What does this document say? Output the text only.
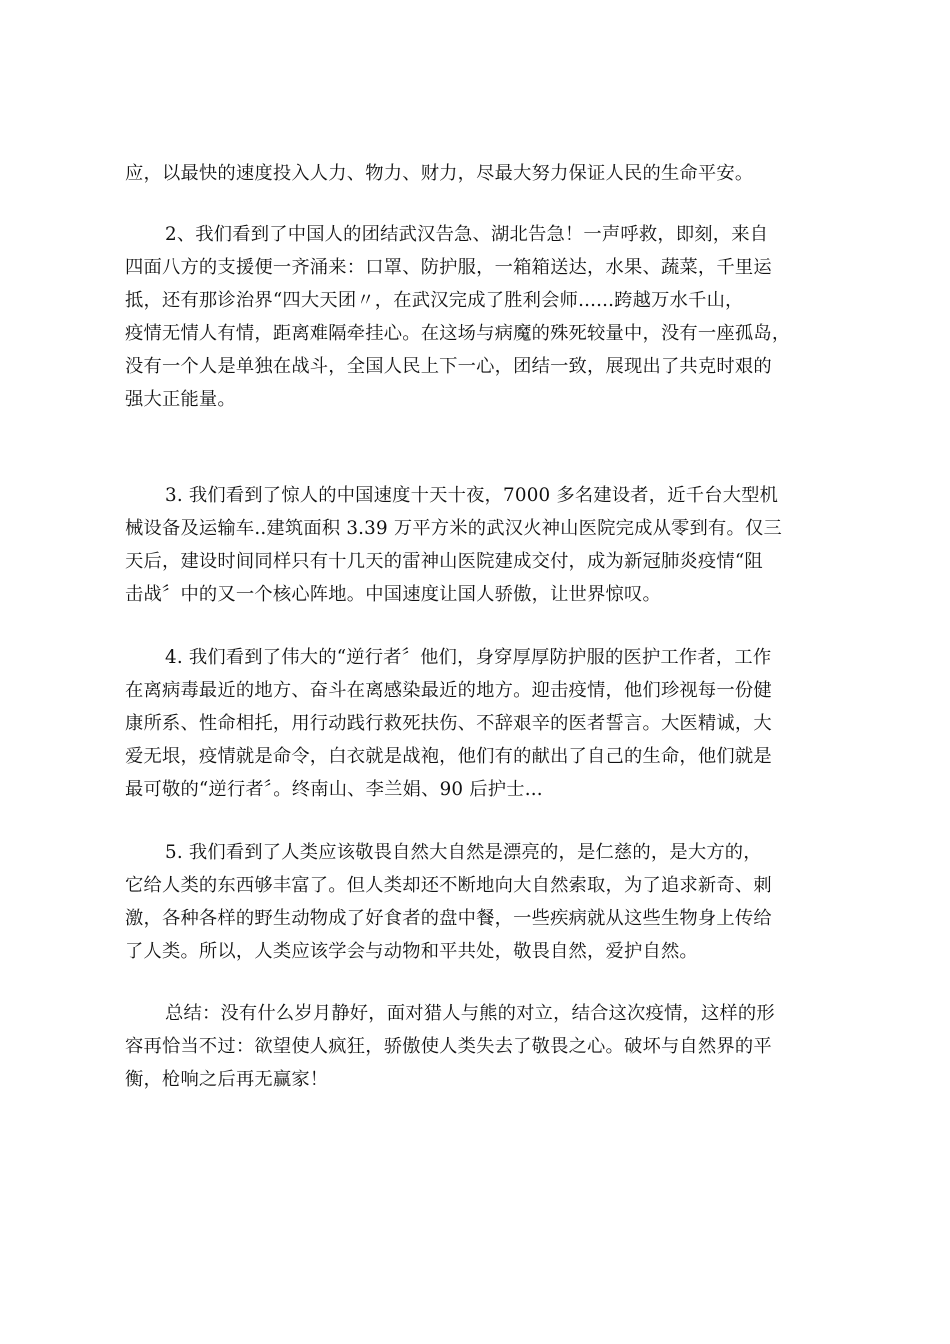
应，以最快的速度投入人力、物力、财力，尽最大努力保证人民的生命平安。
2、我们看到了中国人的团结武汉告急、湖北告急！一声呼救，即刻，来自
四面八方的支援便一齐涌来：口罩、防护服，一箱箱送达，水果、蔬菜，千里运
抵，还有那诊治界“四大天团〃，在武汉完成了胜利会师......跨越万水千山，
疫情无情人有情，距离难隔牵挂心。在这场与病魔的殊死较量中，没有一座孤岛，
没有一个人是单独在战斗，全国人民上下一心，团结一致，展现出了共克时艰的
强大正能量。
3. 我们看到了惊人的中国速度十天十夜，7000 多名建设者，近千台大型机
械设备及运输车..建筑面积 3.39 万平方米的武汉火神山医院完成从零到有。仅三
天后，建设时间同样只有十几天的雷神山医院建成交付，成为新冠肺炎疫情“阻
击战〞中的又一个核心阵地。中国速度让国人骄傲，让世界惊叹。
4. 我们看到了伟大的“逆行者〞他们，身穿厚厚防护服的医护工作者，工作
在离病毒最近的地方、奋斗在离感染最近的地方。迎击疫情，他们珍视每一份健
康所系、性命相托，用行动践行救死扶伤、不辞艰辛的医者誓言。大医精诚，大
爱无垠，疫情就是命令，白衣就是战袍，他们有的献出了自己的生命，他们就是
最可敬的“逆行者〞。终南山、李兰娟、90 后护士...
5. 我们看到了人类应该敬畏自然大自然是漂亮的，是仁慈的，是大方的，
它给人类的东西够丰富了。但人类却还不断地向大自然索取，为了追求新奇、刺
激，各种各样的野生动物成了好食者的盘中餐，一些疾病就从这些生物身上传给
了人类。所以，人类应该学会与动物和平共处，敬畏自然，爱护自然。
总结：没有什么岁月静好，面对猎人与熊的对立，结合这次疫情，这样的形
容再恰当不过：欲望使人疯狂，骄傲使人类失去了敬畏之心。破坏与自然界的平
衡，枪响之后再无赢家！
